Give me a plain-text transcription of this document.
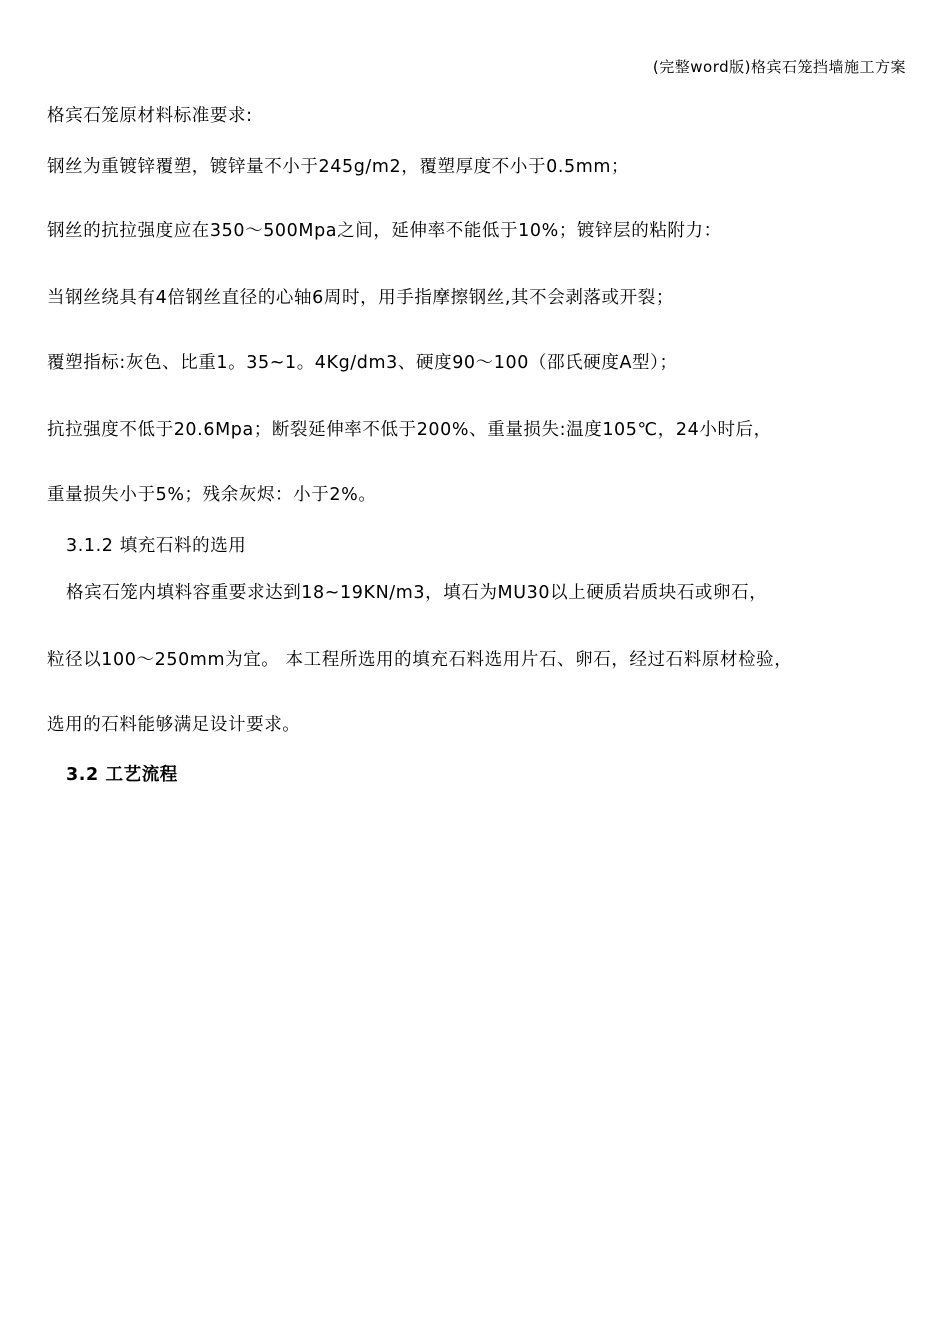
(完整word版)格宾石笼挡墙施工方案
格宾石笼原材料标准要求:
钢丝为重镀锌覆塑，镀锌量不小于245g/m2，覆塑厚度不小于0.5mm；
钢丝的抗拉强度应在350～500Mpa之间，延伸率不能低于10%；镀锌层的粘附力：
当钢丝绕具有4倍钢丝直径的心轴6周时，用手指摩擦钢丝,其不会剥落或开裂；
覆塑指标:灰色、比重1。35~1。4Kg/dm3、硬度90～100（邵氏硬度A型）；
抗拉强度不低于20.6Mpa；断裂延伸率不低于200%、重量损失:温度105℃，24小时后，
重量损失小于5%；残余灰烬：小于2%。
3.1.2 填充石料的选用
格宾石笼内填料容重要求达到18~19KN/m3，填石为MU30以上硬质岩质块石或卵石，
粒径以100～250mm为宜。 本工程所选用的填充石料选用片石、卵石，经过石料原材检验，
选用的石料能够满足设计要求。
3.2 工艺流程
